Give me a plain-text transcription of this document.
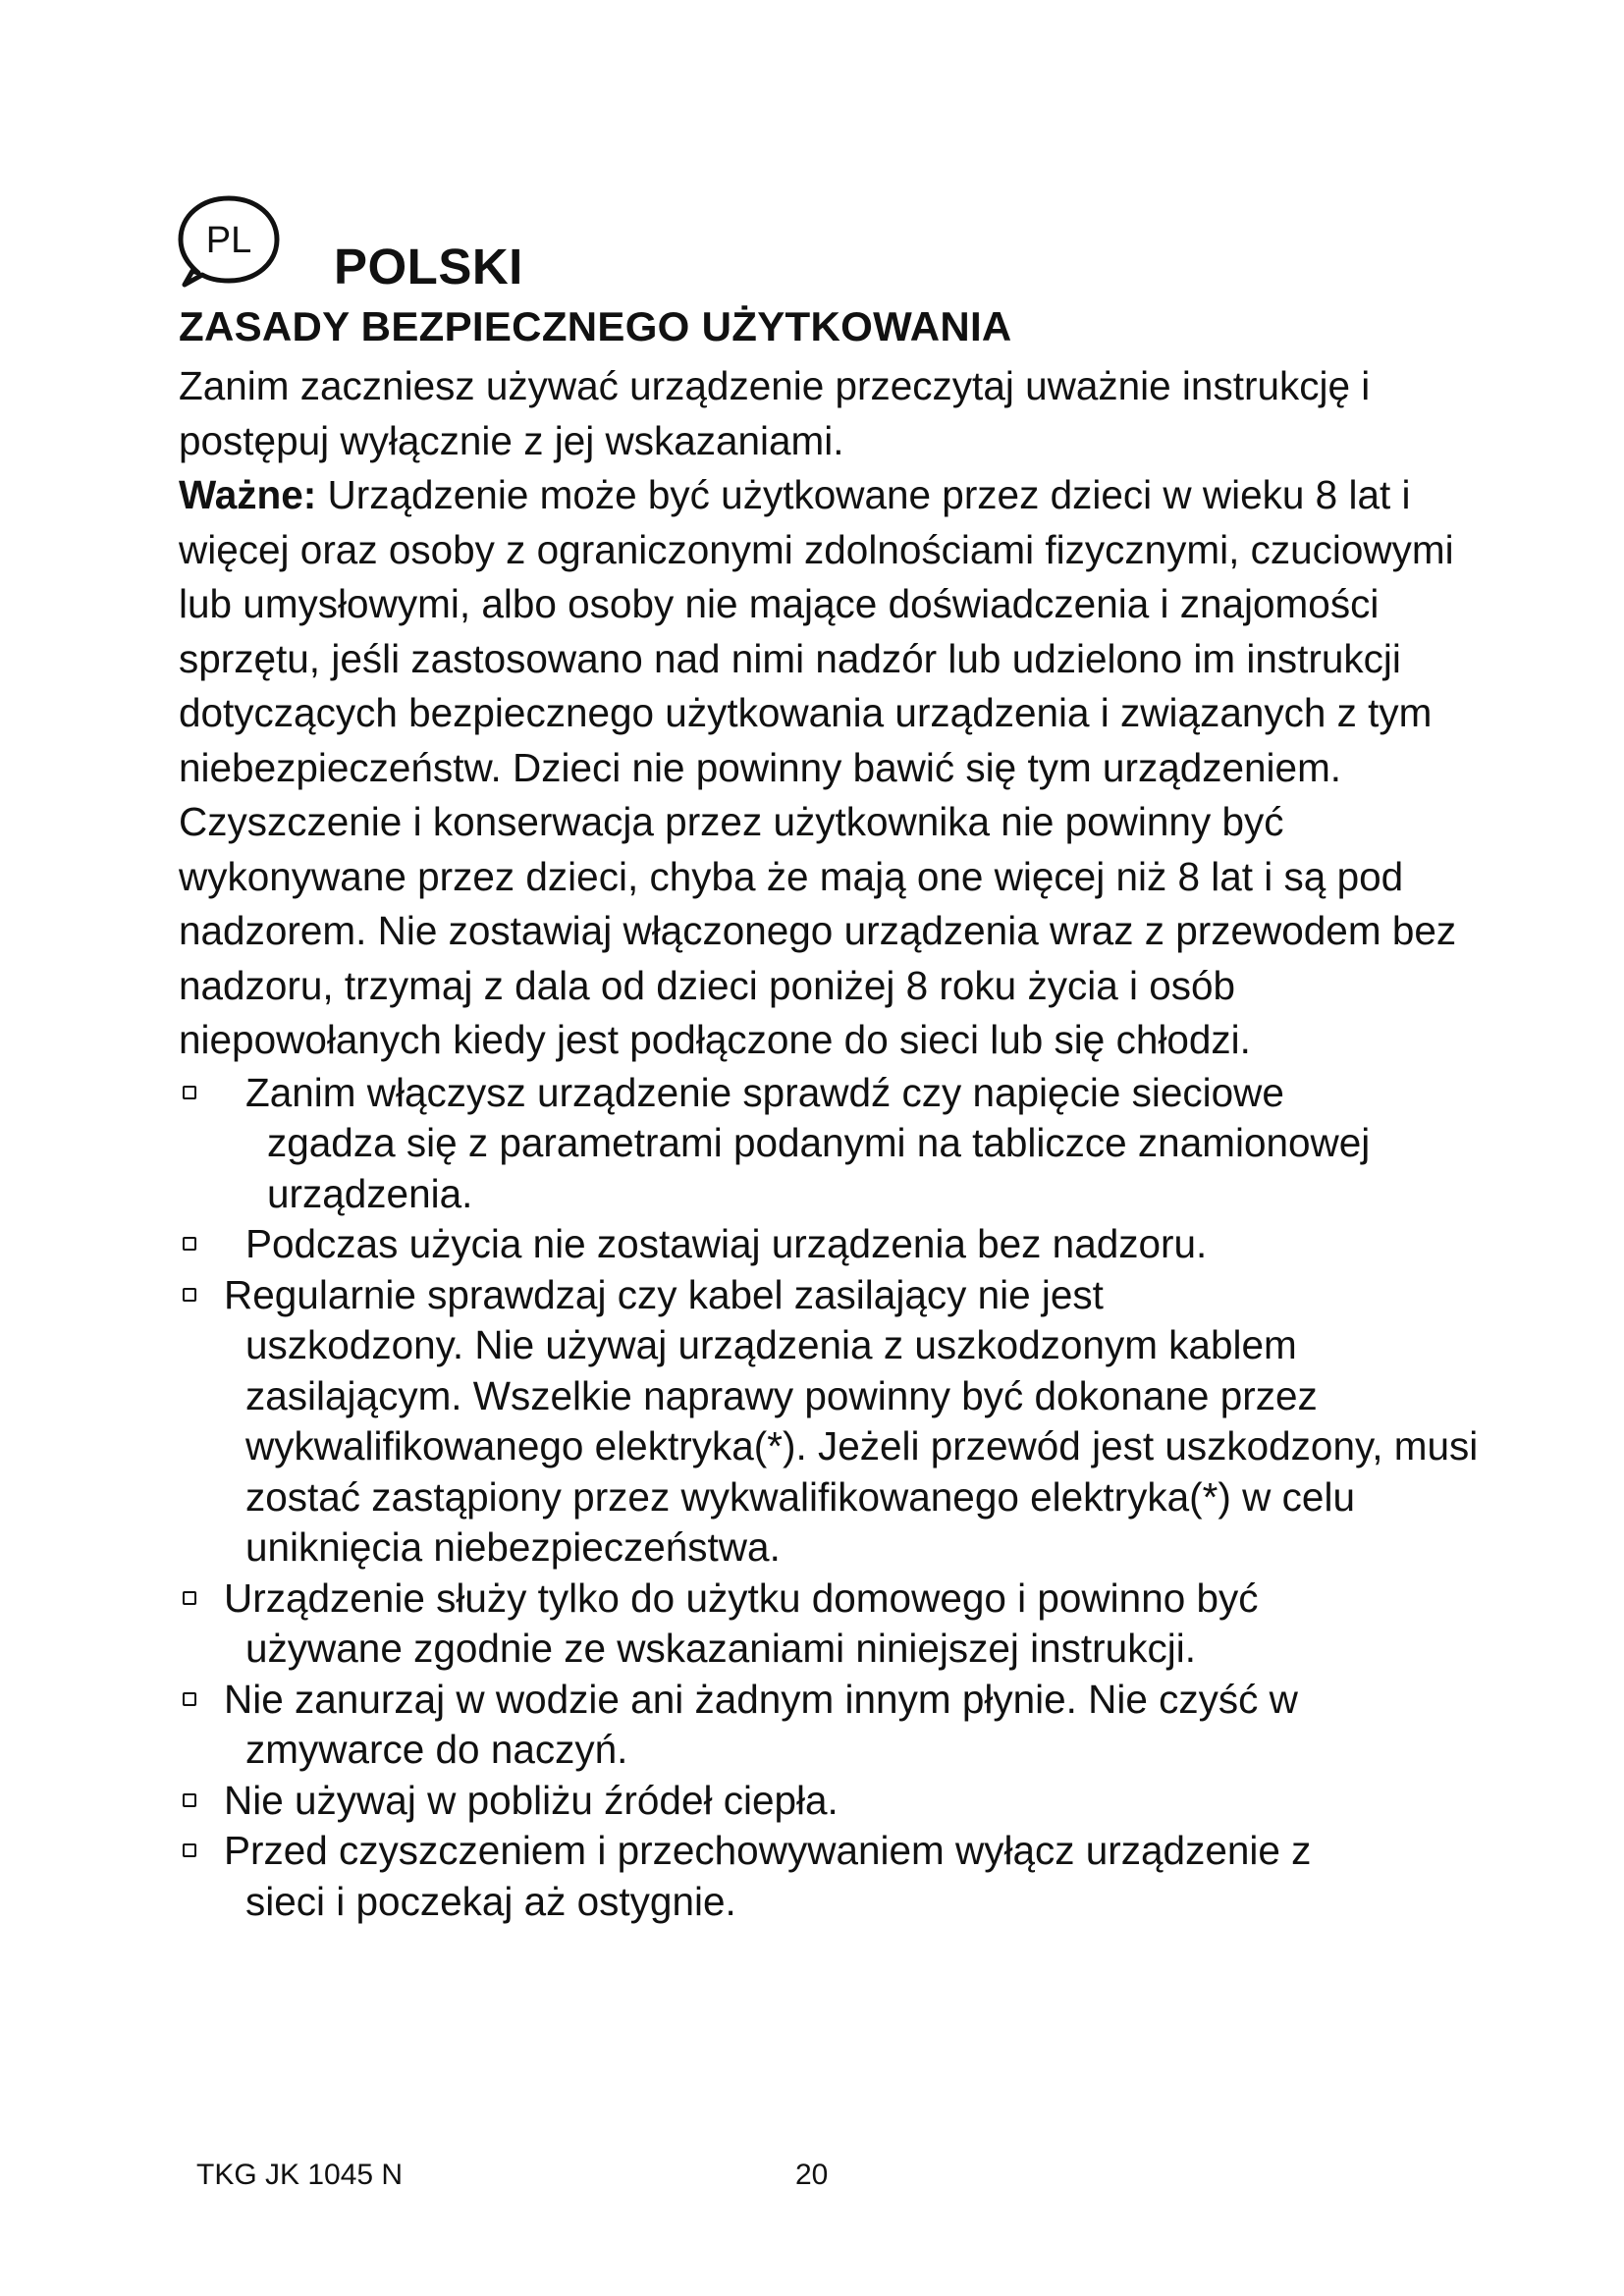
PL POLSKI
ZASADY BEZPIECZNEGO UŻYTKOWANIA

Zanim zaczniesz używać urządzenie przeczytaj uważnie instrukcję i postępuj wyłącznie z jej wskazaniami.

Ważne: Urządzenie może być użytkowane przez dzieci w wieku 8 lat i więcej oraz osoby z ograniczonymi zdolnościami fizycznymi, czuciowymi lub umysłowymi, albo osoby nie mające doświadczenia i znajomości sprzętu, jeśli zastosowano nad nimi nadzór lub udzielono im instrukcji dotyczących bezpiecznego użytkowania urządzenia i związanych z tym niebezpieczeństw. Dzieci nie powinny bawić się tym urządzeniem. Czyszczenie i konserwacja przez użytkownika nie powinny być wykonywane przez dzieci, chyba że mają one więcej niż 8 lat i są pod nadzorem. Nie zostawiaj włączonego urządzenia wraz z przewodem bez nadzoru, trzymaj z dala od dzieci poniżej 8 roku życia i osób niepowołanych kiedy jest podłączone do sieci lub się chłodzi.

Zanim włączysz urządzenie sprawdź czy napięcie sieciowe
zgadza się z parametrami podanymi na tabliczce znamionowej urządzenia.
Podczas użycia nie zostawiaj urządzenia bez nadzoru.
Regularnie sprawdzaj czy kabel zasilający nie jest
uszkodzony. Nie używaj urządzenia z uszkodzonym kablem zasilającym. Wszelkie naprawy powinny być dokonane przez wykwalifikowanego elektryka(*). Jeżeli przewód jest uszkodzony, musi zostać zastąpiony przez wykwalifikowanego elektryka(*) w celu uniknięcia niebezpieczeństwa.
Urządzenie służy tylko do użytku domowego i powinno być
używane zgodnie ze wskazaniami niniejszej instrukcji.
Nie zanurzaj w wodzie ani żadnym innym płynie. Nie czyść w
zmywarce do naczyń.
Nie używaj w pobliżu źródeł ciepła.
Przed czyszczeniem i przechowywaniem wyłącz urządzenie z
sieci i poczekaj aż ostygnie.
TKG JK 1045 N	20
